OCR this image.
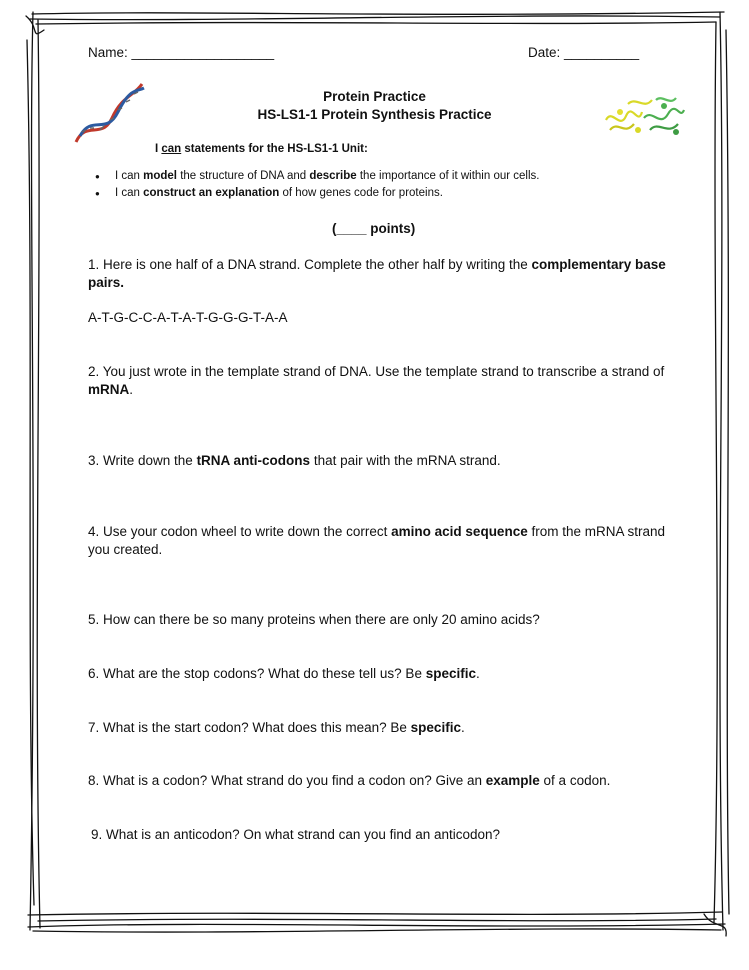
Name: ___________________	Date: __________
Protein Practice
HS-LS1-1 Protein Synthesis Practice
I can statements for the HS-LS1-1 Unit:
● I can model the structure of DNA and describe the importance of it within our cells.
● I can construct an explanation of how genes code for proteins.
(____ points)
1. Here is one half of a DNA strand. Complete the other half by writing the complementary base pairs.
A-T-G-C-C-A-T-A-T-G-G-G-T-A-A
2. You just wrote in the template strand of DNA. Use the template strand to transcribe a strand of mRNA.
3. Write down the tRNA anti-codons that pair with the mRNA strand.
4. Use your codon wheel to write down the correct amino acid sequence from the mRNA strand you created.
5. How can there be so many proteins when there are only 20 amino acids?
6. What are the stop codons? What do these tell us? Be specific.
7. What is the start codon? What does this mean? Be specific.
8. What is a codon? What strand do you find a codon on? Give an example of a codon.
9. What is an anticodon? On what strand can you find an anticodon?
